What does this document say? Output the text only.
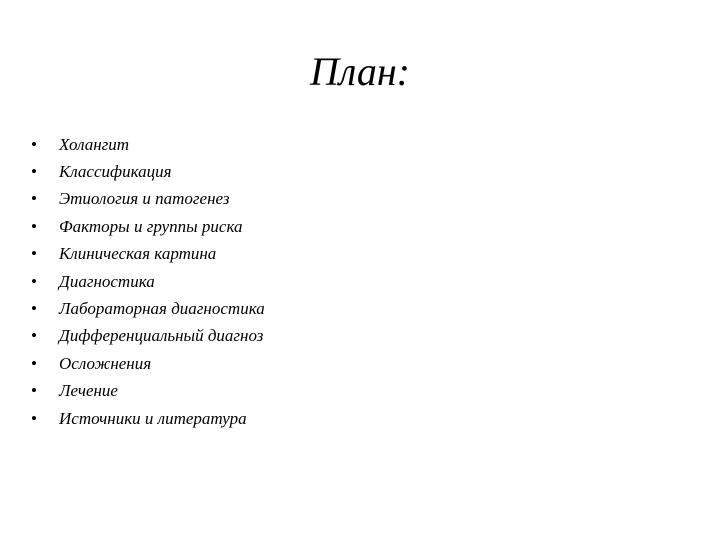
План:
•	Холангит
•	Классификация
•	Этиология и патогенез
•	Факторы и группы риска
•	Клиническая картина
•	Диагностика
•	Лабораторная диагностика
•	Дифференциальный диагноз
•	Осложнения
•	Лечение
•	Источники и литература
